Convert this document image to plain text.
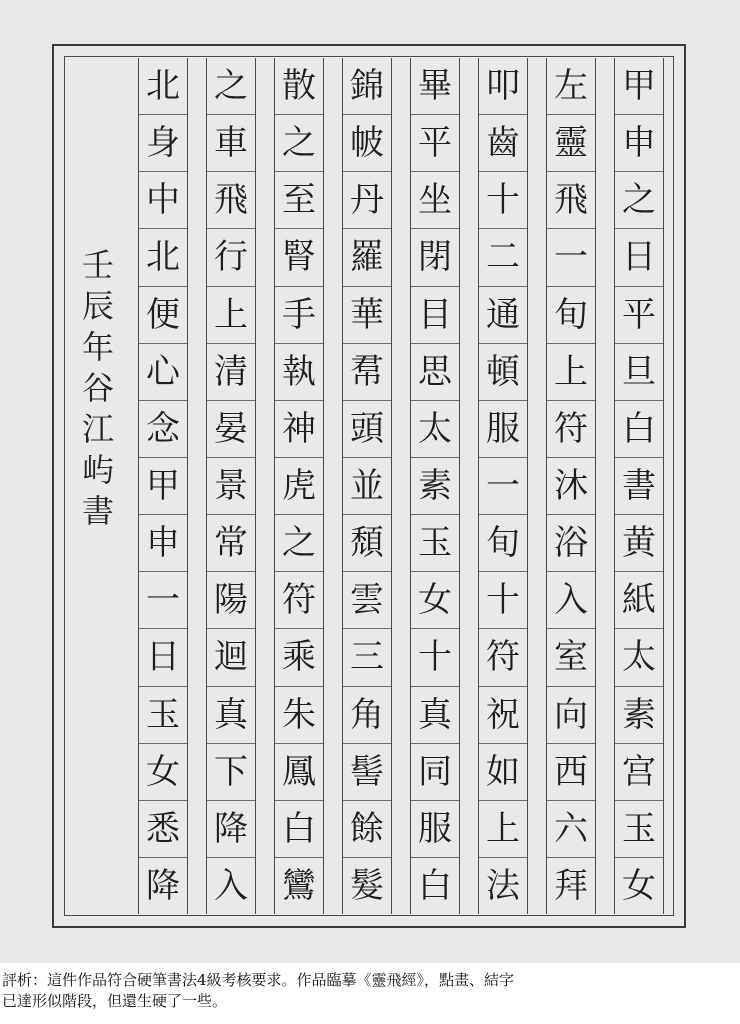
甲
申
之
日
平
旦
白
書
黄
紙
太
素
宫
玉
女
左
靈
飛
一
旬
上
符
沐
浴
入
室
向
西
六
拜
叩
齒
十
二
通
頓
服
一
旬
十
符
祝
如
上
法
畢
平
坐
閉
目
思
太
素
玉
女
十
真
同
服
白
錦
帔
丹
羅
華
帬
頭
並
頹
雲
三
角
髻
餘
髮
散
之
至
腎
手
執
神
虎
之
符
乘
朱
鳳
白
鸞
之
車
飛
行
上
清
晏
景
常
陽
迴
真
下
降
入
北
身
中
北
便
心
念
甲
申
一
日
玉
女
悉
降
壬
辰
年
谷
江
屿
書
評析：這件作品符合硬筆書法4級考核要求。作品臨摹《靈飛經》，點畫、結字
已達形似階段，但還生硬了一些。
